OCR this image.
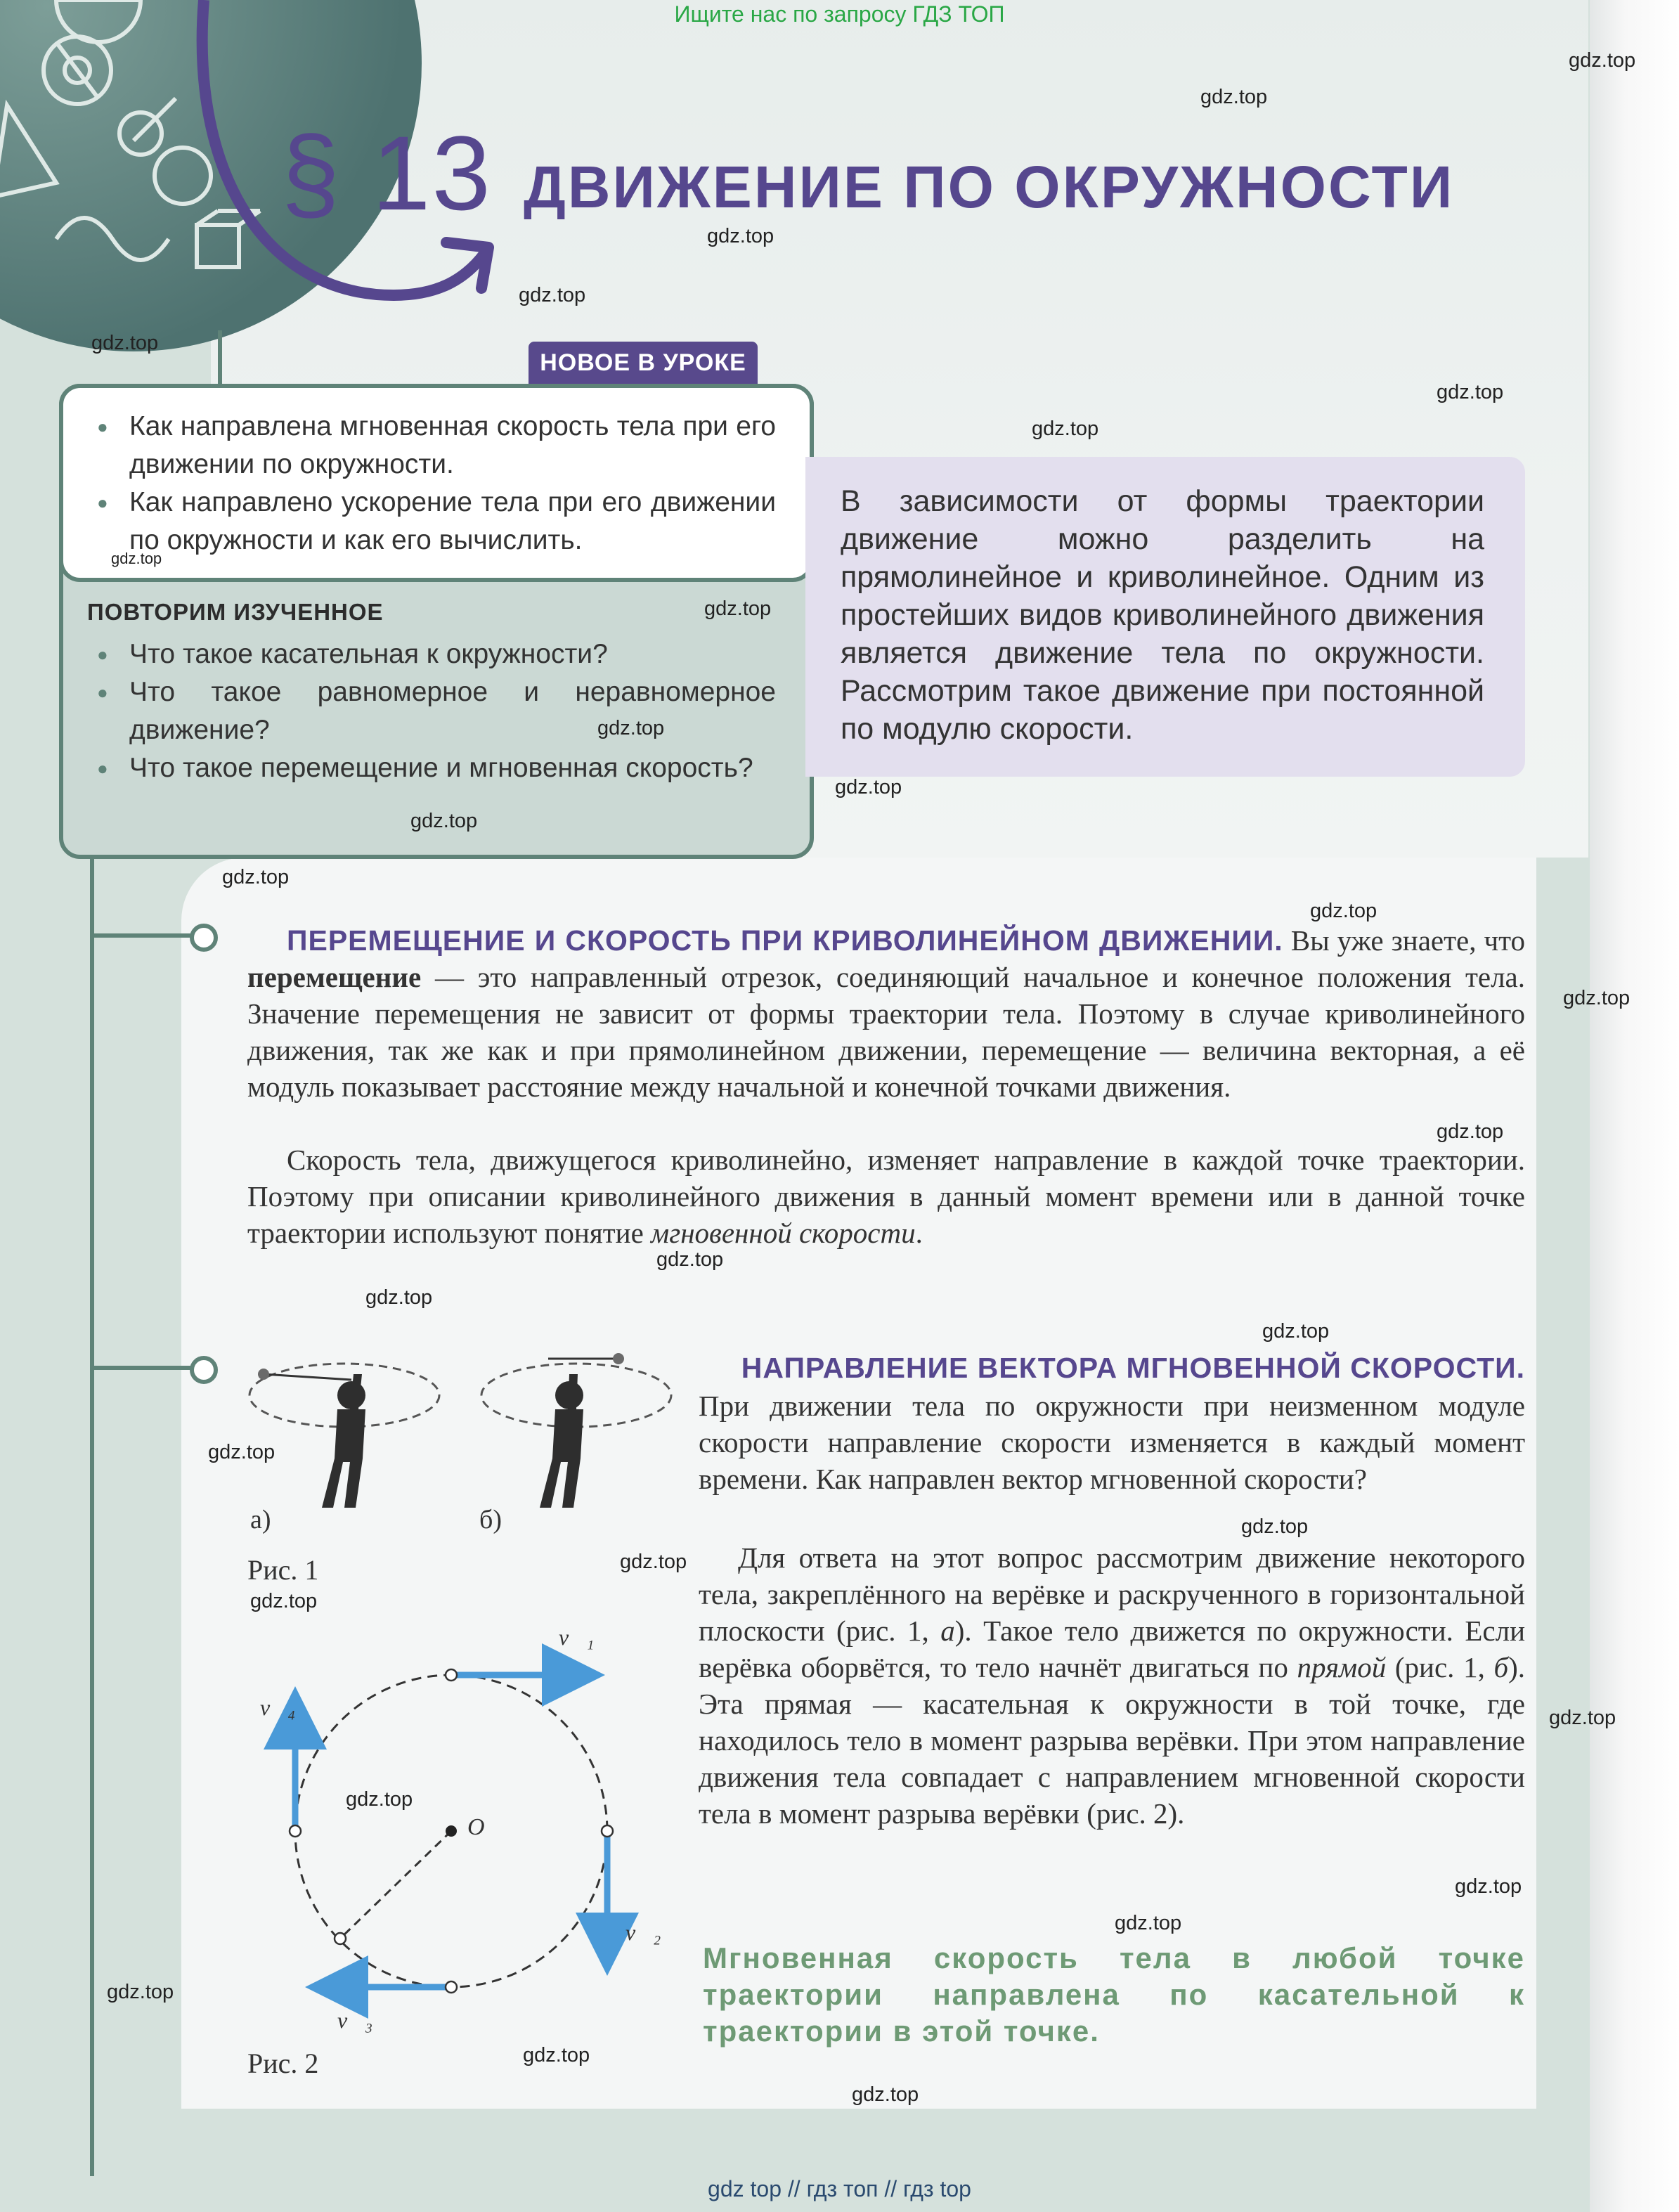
Ищите нас по запросу ГДЗ ТОП
§ 13 ДВИЖЕНИЕ ПО ОКРУЖНОСТИ
НОВОЕ В УРОКЕ
● Как направлена мгновенная скорость тела при его движении по окружности.
● Как направлено ускорение тела при его движении по окружности и как его вычислить.
ПОВТОРИМ ИЗУЧЕННОЕ
● Что такое касательная к окружности?
● Что такое равномерное и неравномерное движение?
● Что такое перемещение и мгновенная скорость?
В зависимости от формы траектории движение можно разделить на прямолинейное и криволинейное. Одним из простейших видов криволинейного движения является движение тела по окружности. Рассмотрим такое движение при постоянной по модулю скорости.
ПЕРЕМЕЩЕНИЕ И СКОРОСТЬ ПРИ КРИВОЛИНЕЙНОМ ДВИЖЕНИИ. Вы уже знаете, что перемещение — это направленный отрезок, соединяющий начальное и конечное положения тела. Значение перемещения не зависит от формы траектории тела. Поэтому в случае криволинейного движения, так же как и при прямолинейном движении, перемещение — величина векторная, а её модуль показывает расстояние между начальной и конечной точками движения.
Скорость тела, движущегося криволинейно, изменяет направление в каждой точке траектории. Поэтому при описании криволинейного движения в данный момент времени или в данной точке траектории используют понятие мгновенной скорости.
НАПРАВЛЕНИЕ ВЕКТОРА МГНОВЕННОЙ СКОРОСТИ.
При движении тела по окружности при неизменном модуле скорости направление скорости изменяется в каждый момент времени. Как направлен вектор мгновенной скорости?
Для ответа на этот вопрос рассмотрим движение некоторого тела, закреплённого на верёвке и раскрученного в горизонтальной плоскости (рис. 1, а). Такое тело движется по окружности. Если верёвка оборвётся, то тело начнёт двигаться по прямой (рис. 1, б). Эта прямая — касательная к окружности в той точке, где находилось тело в момент разрыва верёвки. При этом направление движения тела совпадает с направлением мгновенной скорости тела в момент разрыва верёвки (рис. 2).
Мгновенная скорость тела в любой точке траектории направлена по касательной к траектории в этой точке.
а)	б)
Рис. 1
O
v⃗₁
v⃗₂
v⃗₃
v⃗₄
Рис. 2
gdz.top
gdz.top
gdz.top
gdz.top
gdz.top
gdz.top
gdz.top
gdz.top
gdz.top
gdz.top
gdz.top
gdz.top
gdz.top
gdz.top
gdz.top
gdz.top
gdz.top
gdz.top
gdz.top
gdz.top
gdz.top
gdz.top
gdz.top
gdz.top
gdz.top
gdz.top
gdz.top
gdz.top
gdz.top
gdz.top
gdz top // гдз топ // гдз top
